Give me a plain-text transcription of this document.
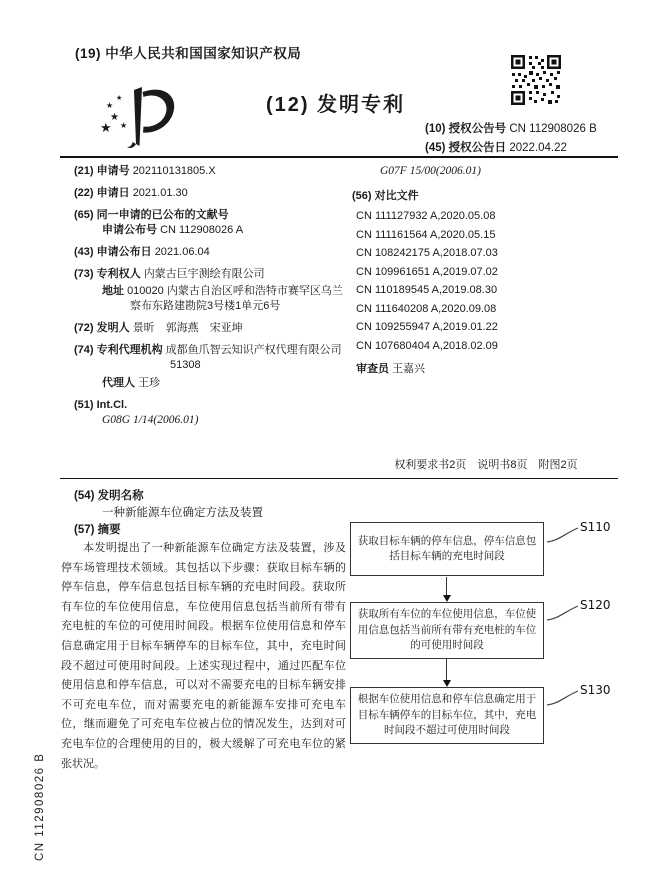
(19) 中华人民共和国国家知识产权局
★
★
★
★
★	(12) 发明专利
(10) 授权公告号 CN 112908026 B
(45) 授权公告日 2022.04.22
(21) 申请号 202110131805.X
(22) 申请日 2021.01.30
(65) 同一申请的已公布的文献号
申请公布号 CN 112908026 A
(43) 申请公布日 2021.06.04
(73) 专利权人 内蒙古巨宇测绘有限公司
地址 010020 内蒙古自治区呼和浩特市赛罕区乌兰察布东路建勘院3号楼1单元6号
(72) 发明人 景昕　郭海燕　宋亚坤
(74) 专利代理机构 成都鱼爪智云知识产权代理有限公司 51308
代理人 王珍
(51) Int.Cl.
G08G 1/14(2006.01)
G07F 15/00(2006.01)
(56) 对比文件
CN 111127932 A,2020.05.08
CN 111161564 A,2020.05.15
CN 108242175 A,2018.07.03
CN 109961651 A,2019.07.02
CN 110189545 A,2019.08.30
CN 111640208 A,2020.09.08
CN 109255947 A,2019.01.22
CN 107680404 A,2018.02.09
审查员 王嘉兴
权利要求书2页　说明书8页　附图2页
(54) 发明名称
一种新能源车位确定方法及装置
(57) 摘要
本发明提出了一种新能源车位确定方法及装置，涉及停车场管理技术领域。其包括以下步骤：获取目标车辆的停车信息，停车信息包括目标车辆的充电时间段。获取所有车位的车位使用信息，车位使用信息包括当前所有带有充电桩的车位的可使用时间段。根据车位使用信息和停车信息确定用于目标车辆停车的目标车位，其中，充电时间段不超过可使用时间段。上述实现过程中，通过匹配车位使用信息和停车信息，可以对不需要充电的目标车辆安排不可充电车位，而对需要充电的新能源车安排可充电车位，继而避免了可充电车位被占位的情况发生，达到对可充电车位的合理使用的目的，极大缓解了可充电车位的紧张状况。
获取目标车辆的停车信息，停车信息包括目标车辆的充电时间段
S110
获取所有车位的车位使用信息，车位使用信息包括当前所有带有充电桩的车位的可使用时间段
S120
根据车位使用信息和停车信息确定用于目标车辆停车的目标车位，其中，充电时间段不超过可使用时间段
S130
CN 112908026 B
